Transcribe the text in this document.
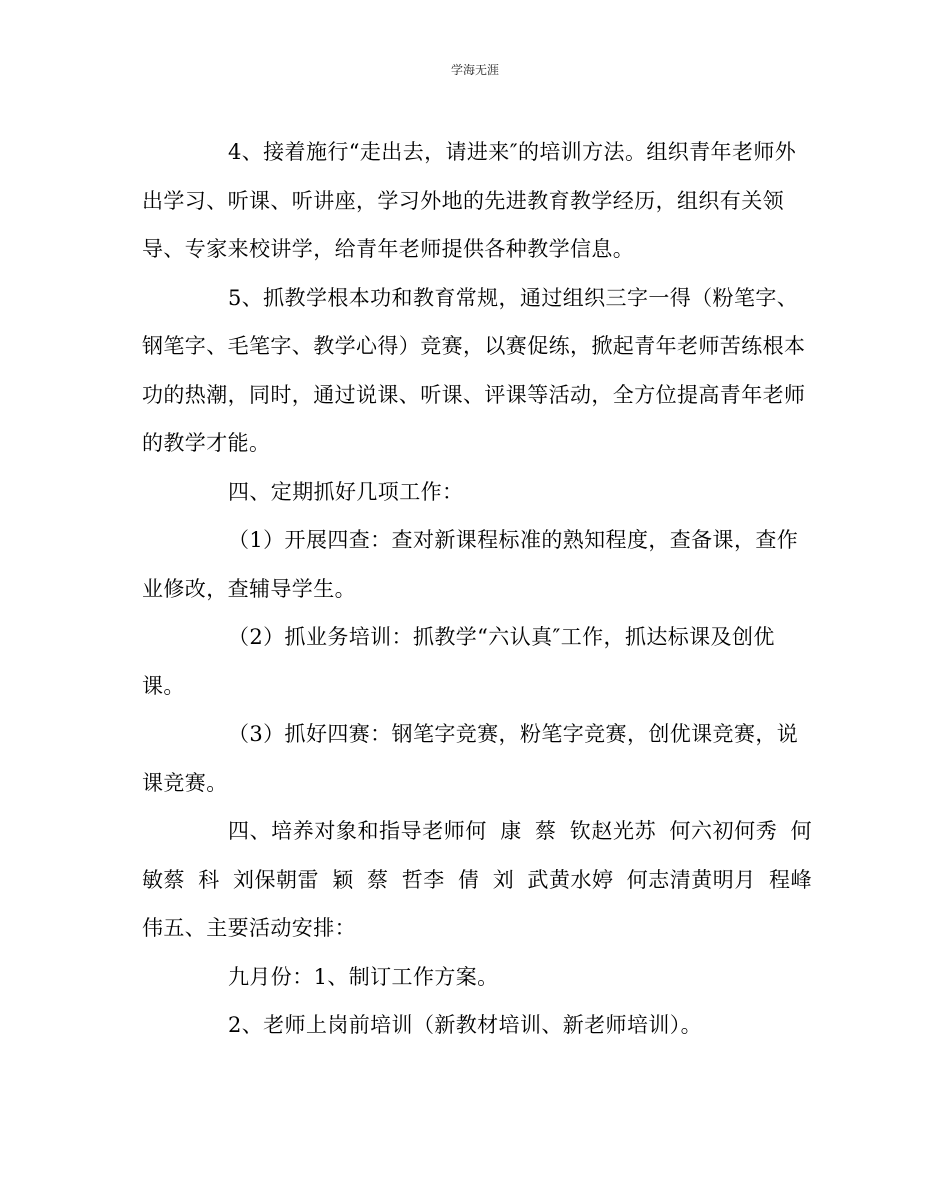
学海无涯

4、接着施行“走出去，请进来″的培训方法。组织青年老师外出学习、听课、听讲座，学习外地的先进教育教学经历，组织有关领导、专家来校讲学，给青年老师提供各种教学信息。

5、抓教学根本功和教育常规，通过组织三字一得（粉笔字、钢笔字、毛笔字、教学心得）竞赛，以赛促练，掀起青年老师苦练根本功的热潮，同时，通过说课、听课、评课等活动，全方位提高青年老师的教学才能。

四、定期抓好几项工作：

（1）开展四查：查对新课程标准的熟知程度，查备课，查作业修改，查辅导学生。

（2）抓业务培训：抓教学“六认真″工作，抓达标课及创优课。

（3）抓好四赛：钢笔字竞赛，粉笔字竞赛，创优课竞赛，说课竞赛。

四、培养对象和指导老师何 康 蔡 钦赵光苏 何六初何秀 何 敏蔡 科 刘保朝雷 颖 蔡 哲李 倩 刘 武黄水婷 何志清黄明月 程峰伟五、主要活动安排：

九月份：1、制订工作方案。

2、老师上岗前培训（新教材培训、新老师培训）。
